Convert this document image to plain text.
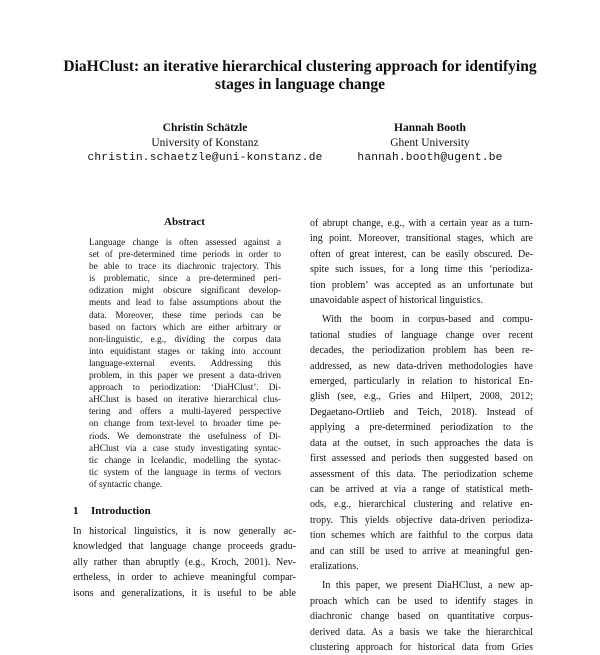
DiaHClust: an iterative hierarchical clustering approach for identifying
stages in language change
Christin Schätzle
University of Konstanz
christin.schaetzle@uni-konstanz.de
Hannah Booth
Ghent University
hannah.booth@ugent.be
Abstract
Language change is often assessed against a
set of pre-determined time periods in order to
be able to trace its diachronic trajectory. This
is problematic, since a pre-determined peri-
odization might obscure significant develop-
ments and lead to false assumptions about the
data. Moreover, these time periods can be
based on factors which are either arbitrary or
non-linguistic, e.g., dividing the corpus data
into equidistant stages or taking into account
language-external events. Addressing this
problem, in this paper we present a data-driven
approach to periodization: ‘DiaHClust’. Di-
aHClust is based on iterative hierarchical clus-
tering and offers a multi-layered perspective
on change from text-level to broader time pe-
riods. We demonstrate the usefulness of Di-
aHClust via a case study investigating syntac-
tic change in Icelandic, modelling the syntac-
tic system of the language in terms of vectors
of syntactic change.
1 Introduction
In historical linguistics, it is now generally ac-
knowledged that language change proceeds gradu-
ally rather than abruptly (e.g., Kroch, 2001). Nev-
ertheless, in order to achieve meaningful compar-
isons and generalizations, it is useful to be able
of abrupt change, e.g., with a certain year as a turn-
ing point. Moreover, transitional stages, which are
often of great interest, can be easily obscured. De-
spite such issues, for a long time this ‘periodiza-
tion problem’ was accepted as an unfortunate but
unavoidable aspect of historical linguistics.
With the boom in corpus-based and compu-
tational studies of language change over recent
decades, the periodization problem has been re-
addressed, as new data-driven methodologies have
emerged, particularly in relation to historical En-
glish (see, e.g., Gries and Hilpert, 2008, 2012;
Degaetano-Ortlieb and Teich, 2018). Instead of
applying a pre-determined periodization to the
data at the outset, in such approaches the data is
first assessed and periods then suggested based on
assessment of this data. The periodization scheme
can be arrived at via a range of statistical meth-
ods, e.g., hierarchical clustering and relative en-
tropy. This yields objective data-driven periodiza-
tion schemes which are faithful to the corpus data
and can still be used to arrive at meaningful gen-
eralizations.
In this paper, we present DiaHClust, a new ap-
proach which can be used to identify stages in
diachronic change based on quantitative corpus-
derived data. As a basis we take the hierarchical
clustering approach for historical data from Gries
